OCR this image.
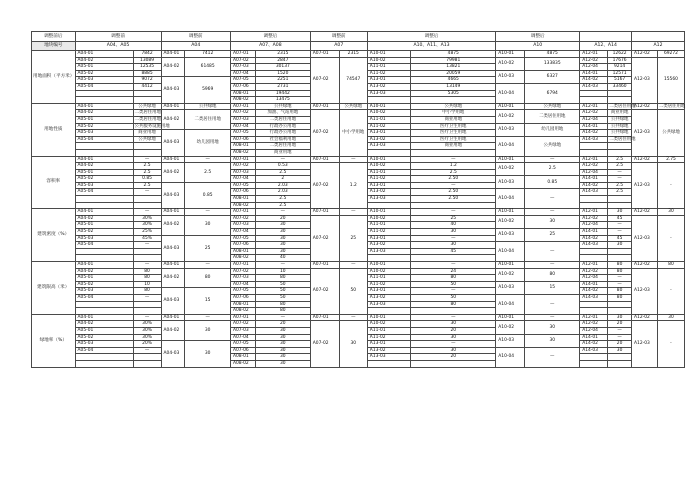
调整前后	调整前		调整前		调整后		调整前		调整后		调整后					
地块编号	A04、A05		A04		A07、A08		A07		A10、A11、A13		A10		A12、A14		A12	
用地面积（平方米）	A04-01	7842	A04-01	7412	A07-01	2315	A07-01	2315	A10-01	4875	A10-01	4875	A12-01	12622	A12-02	69272
	A04-02	13089	A04-02	61485	A07-02	2847	A07-02	74547	A10-02	79981	A10-02	133835	A12-02	17676	A12-03	15560
	A05-01	12535			A07-03	30137			A11-01	13821			A12-04	9214		
	A05-02	8885			A07-04	1520			A11-02	20059	A10-03	6327	A14-01	12571		
	A05-03	9072	A04-03	5969	A07-05	2251			A13-01	4665			A14-02	5167		
	A05-04	4412			A07-06	2731			A13-02	13149	A10-04	6794	A14-03	33460		
					A08-01	19442			A13-03	5305						
					A08-02	13475										
用地性质	A04-01	公共绿地	A04-01	公共绿地	A07-01	公共绿地	A07-01	公共绿地	A10-01	公共绿地	A10-01	公共绿地	A12-01	二类居住用地	A12-02	二类居住用地
	A04-02	二类居住用地	A04-02	二类居住用地	A07-02	加油、气站用地	A07-02	中小学用地	A10-02	中小学用地	A10-02	二类居住用地	A12-02	商业用地	A12-03	公共绿地
	A05-01	二类居住用地			A07-03	二类居住用地			A11-01	商业用地			A12-04	公共绿地		
	A05-02	公共服务设施用地			A07-04	行政办公用地			A11-02	医疗卫生用地	A10-03	幼儿园用地	A14-01	公共绿地		
	A05-03	商业用地	A04-03	幼儿园用地	A07-05	行政办公用地			A13-01	医疗卫生用地			A14-02	公共绿地		
	A05-04	公共绿地			A07-06	社会福利用地			A13-02	医疗卫生用地	A10-04	公共绿地	A14-03	二类居住用地		
					A08-01	二类居住用地			A13-03	商业用地						
					A08-02	商业用地										
容积率	A04-01	—	A04-01	—	A07-01	—	A07-01	—	A10-01	—	A10-01	—	A12-01	2.5	A12-02	2.75
	A04-02	2.5	A04-02	2.5	A07-02	0.53	A07-02	1.2	A10-02	1.2	A10-02	2.5	A12-02	2.5	A12-03	-
	A05-01	2.5			A07-03	2.5			A11-01	2.5			A12-04	—		
	A05-02	0.85			A07-04	2			A11-02	2.50	A10-03	0.85	A14-01	—		
	A05-03	2.5	A04-03	0.85	A07-05	2.03			A13-01	—			A14-02	2.5		
	A05-04	—			A07-06	2.03			A13-02	2.50	A10-04	—	A14-03	2.5		
					A08-01	2.5			A13-03	2.50						
					A08-02	2.5										
建筑密度（%）	A04-01	—	A04-01	—	A07-01	—	A07-01	—	A10-01	—	A10-01	—	A12-01	30	A12-02	30
	A04-02	30%	A04-02	30	A07-02	20	A07-02	25	A10-02	25	A10-02	30	A12-02	45	A12-03	-
	A05-01	30%			A07-03	30			A11-01	40			A12-04	—		
	A05-02	25%			A07-04	30			A11-02	30	A10-03	25	A14-01	—		
	A05-03	45%	A04-03	25	A07-05	30			A13-01	—			A14-02	45		
	A05-04	—			A07-06	30			A13-02	30	A10-04	—	A14-03	30		
					A08-01	30			A13-03	45						
					A08-02	40										
建筑限高（米）	A04-01	—	A04-01	—	A07-01	—	A07-01	—	A10-01	—	A10-01	—	A12-01	80	A12-02	80
	A04-02	80	A04-02	80	A07-02	10	A07-02	50	A10-02	24	A10-02	80	A12-02	80	A12-03	-
	A05-01	80			A07-03	80			A11-01	80			A12-04	—		
	A05-02	10			A07-04	50			A11-02	50	A10-03	15	A14-01	—		
	A05-03	80	A04-03	15	A07-05	50			A13-01	—			A14-02	80		
	A05-04	—			A07-06	50			A13-02	50	A10-04	—	A14-03	80		
					A08-01	80			A13-03	80						
					A08-02	80										
绿地率（%）	A04-01	—	A04-01	—	A07-01	—	A07-01	—	A10-01	—	A10-01	—	A12-01	30	A12-02	30
	A04-02	30%	A04-02	30	A07-02	20	A07-02	30	A10-02	30	A10-02	30	A12-02	20	A12-03	-
	A05-01	30%			A07-03	30			A11-01	20			A12-04	—		
	A05-02	30%			A07-04	30			A11-02	30	A10-03	30	A14-01	—		
	A05-03	20%	A04-03	30	A07-05	30			A13-01	—			A14-02	20		
	A05-04	—			A07-06	30			A13-02	30	A10-04	—	A14-03	30		
					A08-01	30			A13-03	20						
					A08-02	30										
